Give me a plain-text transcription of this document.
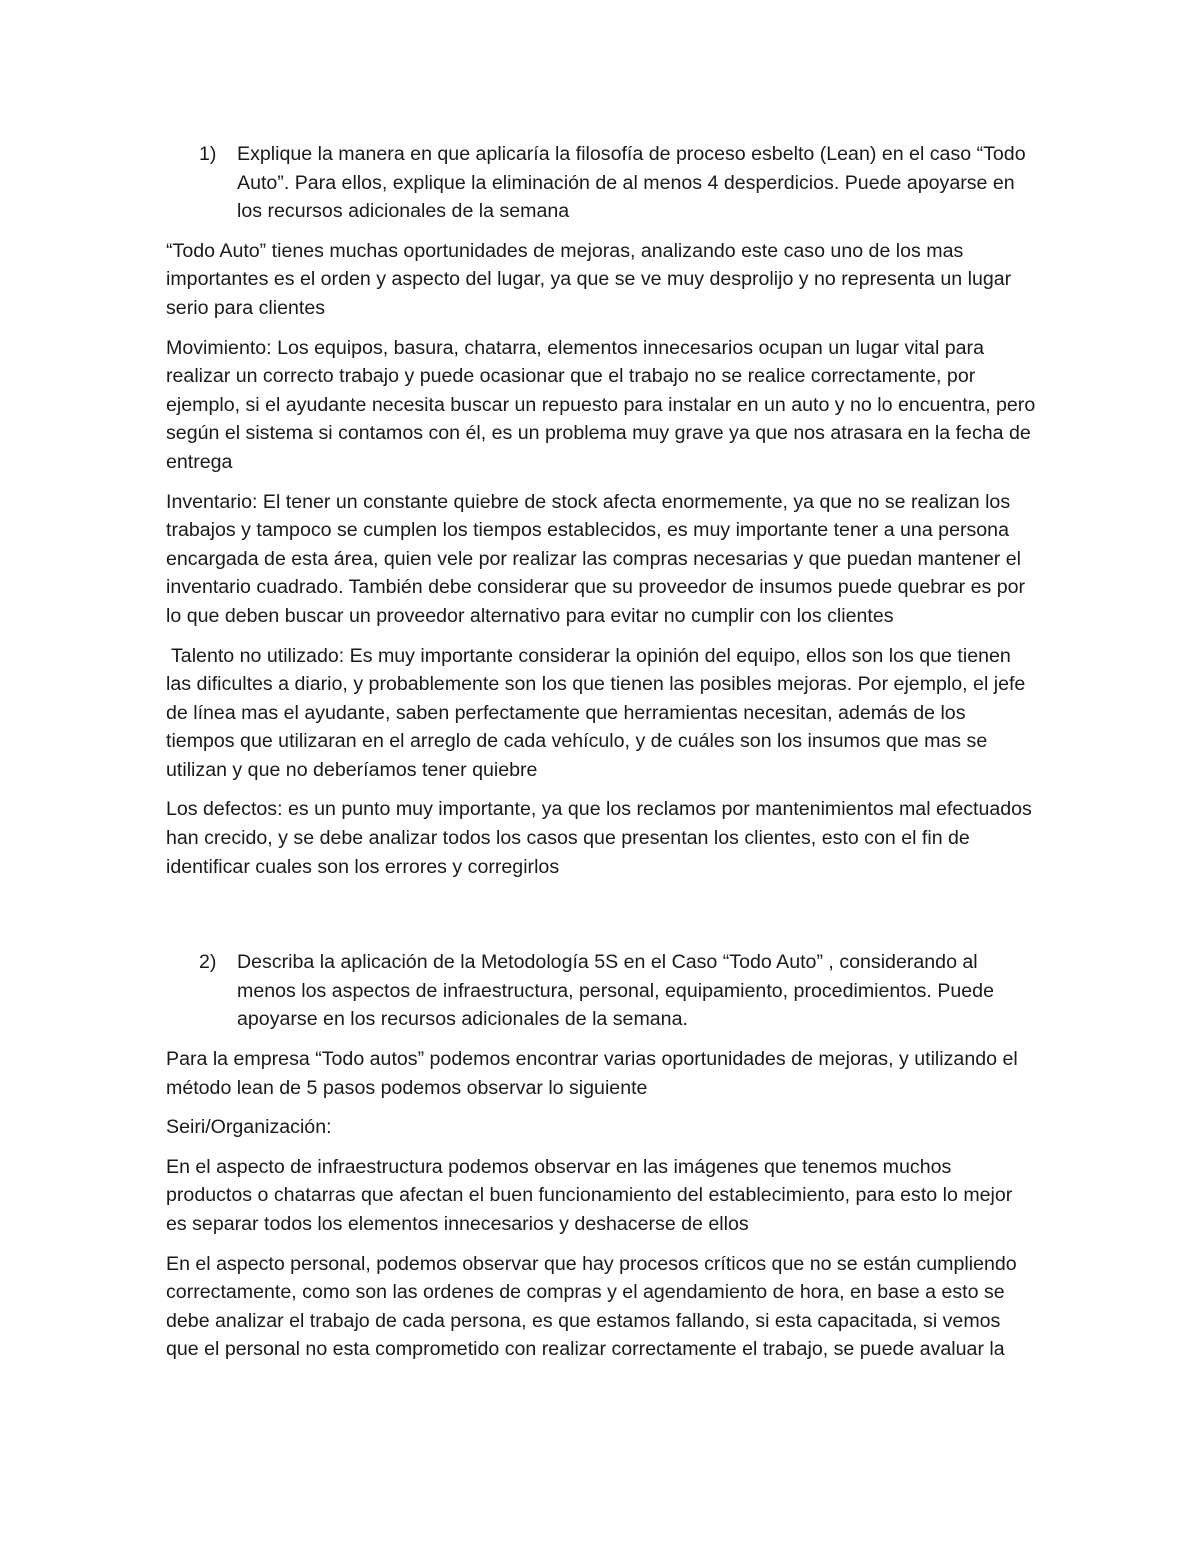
1) Explique la manera en que aplicaría la filosofía de proceso esbelto (Lean) en el caso “Todo Auto”. Para ellos, explique la eliminación de al menos 4 desperdicios. Puede apoyarse en los recursos adicionales de la semana

“Todo Auto” tienes muchas oportunidades de mejoras, analizando este caso uno de los mas importantes es el orden y aspecto del lugar, ya que se ve muy desprolijo y no representa un lugar serio para clientes

Movimiento: Los equipos, basura, chatarra, elementos innecesarios ocupan un lugar vital para realizar un correcto trabajo y puede ocasionar que el trabajo no se realice correctamente, por ejemplo, si el ayudante necesita buscar un repuesto para instalar en un auto y no lo encuentra, pero según el sistema si contamos con él, es un problema muy grave ya que nos atrasara en la fecha de entrega

Inventario: El tener un constante quiebre de stock afecta enormemente, ya que no se realizan los trabajos y tampoco se cumplen los tiempos establecidos, es muy importante tener a una persona encargada de esta área, quien vele por realizar las compras necesarias y que puedan mantener el inventario cuadrado. También debe considerar que su proveedor de insumos puede quebrar es por lo que deben buscar un proveedor alternativo para evitar no cumplir con los clientes

Talento no utilizado: Es muy importante considerar la opinión del equipo, ellos son los que tienen las dificultes a diario, y probablemente son los que tienen las posibles mejoras. Por ejemplo, el jefe de línea mas el ayudante, saben perfectamente que herramientas necesitan, además de los tiempos que utilizaran en el arreglo de cada vehículo, y de cuáles son los insumos que mas se utilizan y que no deberíamos tener quiebre

Los defectos: es un punto muy importante, ya que los reclamos por mantenimientos mal efectuados han crecido, y se debe analizar todos los casos que presentan los clientes, esto con el fin de identificar cuales son los errores y corregirlos

2) Describa la aplicación de la Metodología 5S en el Caso “Todo Auto” , considerando al menos los aspectos de infraestructura, personal, equipamiento, procedimientos. Puede apoyarse en los recursos adicionales de la semana.

Para la empresa “Todo autos” podemos encontrar varias oportunidades de mejoras, y utilizando el método lean de 5 pasos podemos observar lo siguiente

Seiri/Organización:

En el aspecto de infraestructura podemos observar en las imágenes que tenemos muchos productos o chatarras que afectan el buen funcionamiento del establecimiento, para esto lo mejor es separar todos los elementos innecesarios y deshacerse de ellos

En el aspecto personal, podemos observar que hay procesos críticos que no se están cumpliendo correctamente, como son las ordenes de compras y el agendamiento de hora, en base a esto se debe analizar el trabajo de cada persona, es que estamos fallando, si esta capacitada, si vemos que el personal no esta comprometido con realizar correctamente el trabajo, se puede avaluar la
